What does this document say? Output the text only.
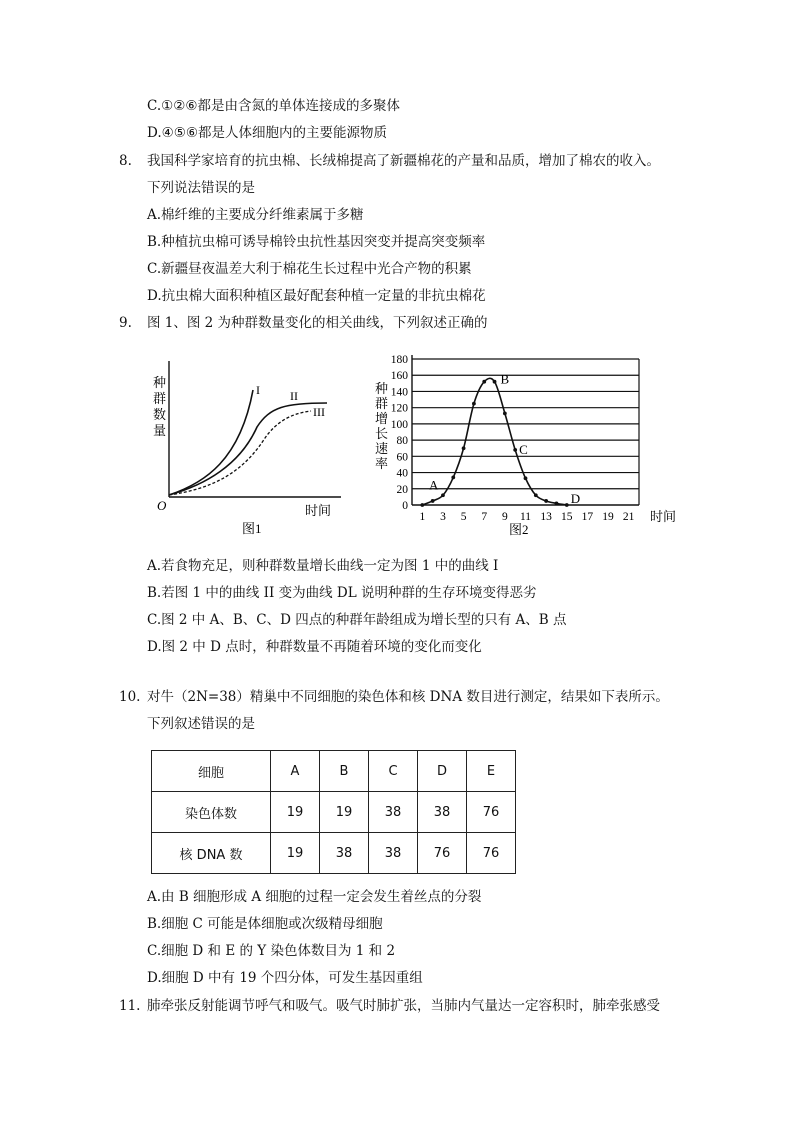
C.①②⑥都是由含氮的单体连接成的多聚体
D.④⑤⑥都是人体细胞内的主要能源物质
8. 我国科学家培育的抗虫棉、长绒棉提高了新疆棉花的产量和品质，增加了棉农的收入。
下列说法错误的是
A.棉纤维的主要成分纤维素属于多糖
B.种植抗虫棉可诱导棉铃虫抗性基因突变并提高突变频率
C.新疆昼夜温差大利于棉花生长过程中光合产物的积累
D.抗虫棉大面积种植区最好配套种植一定量的非抗虫棉花
9. 图 1、图 2 为种群数量变化的相关曲线，下列叙述正确的
种
群
数
量
O	时间
图1
I	II
III
种
群
增
长
速
率
0
20
40
60
80
100
120
140
160
180
1 3 5 7 9 11 13 15 17 19 21
A
B
C
D
时间
图2
A.若食物充足，则种群数量增长曲线一定为图 1 中的曲线 I
B.若图 1 中的曲线 II 变为曲线 DL 说明种群的生存环境变得恶劣
C.图 2 中 A、B、C、D 四点的种群年龄组成为增长型的只有 A、B 点
D.图 2 中 D 点时，种群数量不再随着环境的变化而变化
10. 对牛（2N=38）精巢中不同细胞的染色体和核 DNA 数目进行测定，结果如下表所示。
下列叙述错误的是
细胞	A	B	C	D	E
染色体数	19	19	38	38	76
核 DNA 数	19	38	38	76	76
A.由 B 细胞形成 A 细胞的过程一定会发生着丝点的分裂
B.细胞 C 可能是体细胞或次级精母细胞
C.细胞 D 和 E 的 Y 染色体数目为 1 和 2
D.细胞 D 中有 19 个四分体，可发生基因重组
11. 肺牵张反射能调节呼气和吸气。吸气时肺扩张，当肺内气量达一定容积时，肺牵张感受
